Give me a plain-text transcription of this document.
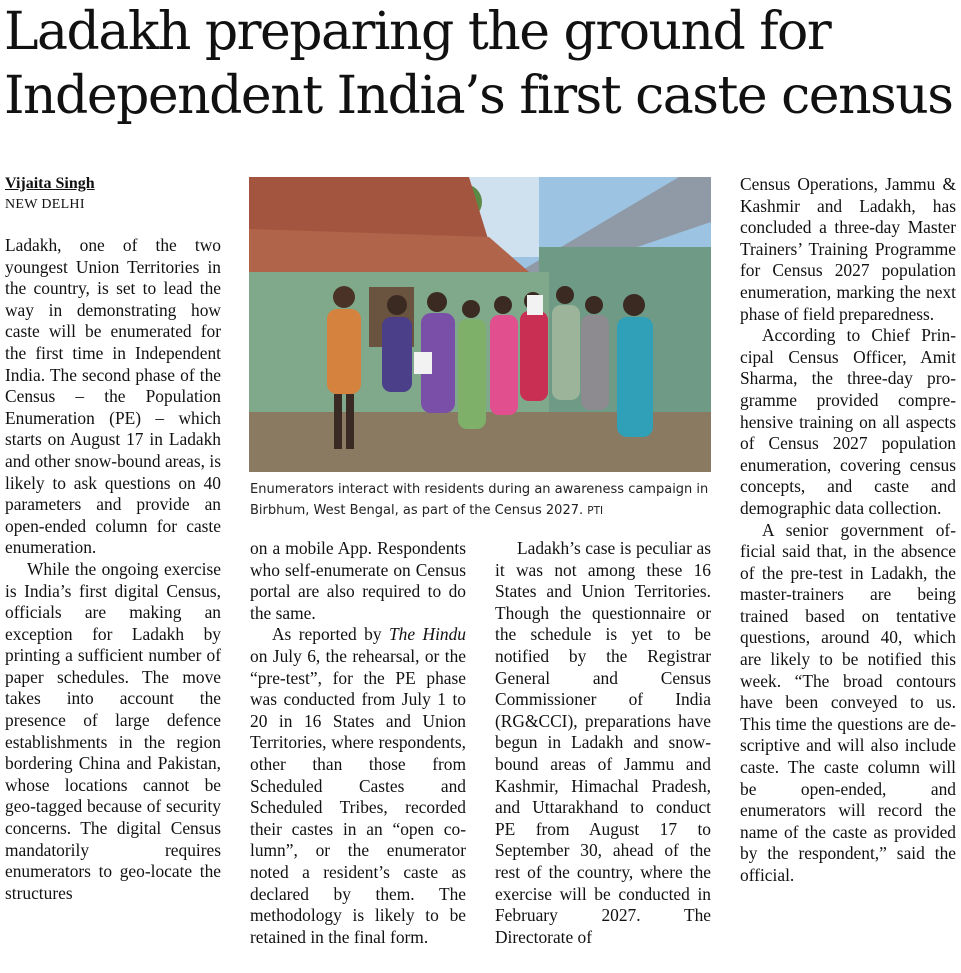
Ladakh preparing the ground for
Independent India’s first caste census

Vijaita Singh

NEW DELHI

Ladakh, one of the two youngest Union Territories in the country, is set to lead the way in demonstrating how caste will be enumerated for the first time in Independent India. The second phase of the Census – the Population Enumeration (PE) – which starts on August 17 in Ladakh and other snow-bound areas, is likely to ask questions on 40 parameters and provide an open-ended column for caste enumeration.

While the ongoing exercise is India’s first digital Census, officials are making an exception for Ladakh by printing a sufficient number of paper schedules. The move takes into account the presence of large defence establishments in the region bordering China and Pakistan, whose locations cannot be geo-tagged because of security concerns. The digital Census mandatorily requires enumerators to geo-locate the structures

Enumerators interact with residents during an awareness campaign in Birbhum, West Bengal, as part of the Census 2027. PTI

on a mobile App. Respondents who self-enumerate on Census portal are also required to do the same.

As reported by The Hindu on July 6, the rehearsal, or the “pre-test”, for the PE phase was conducted from July 1 to 20 in 16 States and Union Territories, where respondents, other than those from Scheduled Castes and Scheduled Tribes, recorded their castes in an “open column”, or the enumerator noted a resident’s caste as declared by them. The methodology is likely to be retained in the final form.

Ladakh’s case is peculiar as it was not among these 16 States and Union Territories. Though the questionnaire or the schedule is yet to be notified by the Registrar General and Census Commissioner of India (RG&CCI), preparations have begun in Ladakh and snow-bound areas of Jammu and Kashmir, Himachal Pradesh, and Uttarakhand to conduct PE from August 17 to September 30, ahead of the rest of the country, where the exercise will be conducted in February 2027. The Directorate of

Census Operations, Jammu & Kashmir and Ladakh, has concluded a three-day Master Trainers’ Training Programme for Census 2027 population enumeration, marking the next phase of field preparedness.

According to Chief Principal Census Officer, Amit Sharma, the three-day programme provided comprehensive training on all aspects of Census 2027 population enumeration, covering census concepts, and caste and demographic data collection.

A senior government official said that, in the absence of the pre-test in Ladakh, the master-trainers are being trained based on tentative questions, around 40, which are likely to be notified this week. “The broad contours have been conveyed to us. This time the questions are descriptive and will also include caste. The caste column will be open-ended, and enumerators will record the name of the caste as provided by the respondent,” said the official.
